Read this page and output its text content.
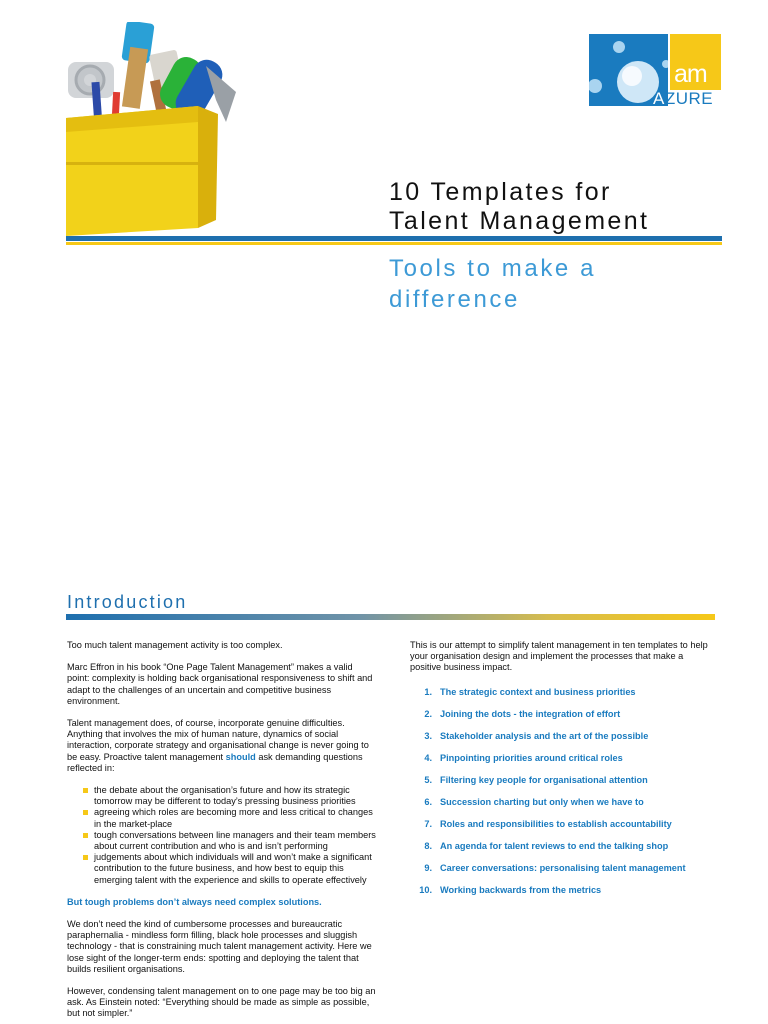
am
AZURE
10 Templates for
Talent Management
Tools to make a
difference
Introduction

Too much talent management activity is too complex.

Marc Effron in his book “One Page Talent Management” makes a valid point: complexity is holding back organisational responsiveness to shift and adapt to the challenges of an uncertain and competitive business environment.

Talent management does, of course, incorporate genuine difficulties. Anything that involves the mix of human nature, dynamics of social interaction, corporate strategy and organisational change is never going to be easy. Proactive talent management should ask demanding questions reflected in:

the debate about the organisation’s future and how its strategic tomorrow may be different to today’s pressing business priorities
agreeing which roles are becoming more and less critical to changes in the market-place
tough conversations between line managers and their team members about current contribution and who is and isn’t performing
judgements about which individuals will and won’t make a significant contribution to the future business, and how best to equip this emerging talent with the experience and skills to operate effectively

But tough problems don’t always need complex solutions.

We don’t need the kind of cumbersome processes and bureaucratic paraphernalia - mindless form filling, black hole processes and sluggish technology - that is constraining much talent management activity. Here we lose sight of the longer-term ends: spotting and deploying the talent that builds resilient organisations.

However, condensing talent management on to one page may be too big an ask. As Einstein noted: “Everything should be made as simple as possible, but not simpler.”

This is our attempt to simplify talent management in ten templates to help your organisation design and implement the processes that make a positive business impact.

1. The strategic context and business priorities
2. Joining the dots - the integration of effort
3. Stakeholder analysis and the art of the possible
4. Pinpointing priorities around critical roles
5. Filtering key people for organisational attention
6. Succession charting but only when we have to
7. Roles and responsibilities to establish accountability
8. An agenda for talent reviews to end the talking shop
9. Career conversations: personalising talent management
10. Working backwards from the metrics
